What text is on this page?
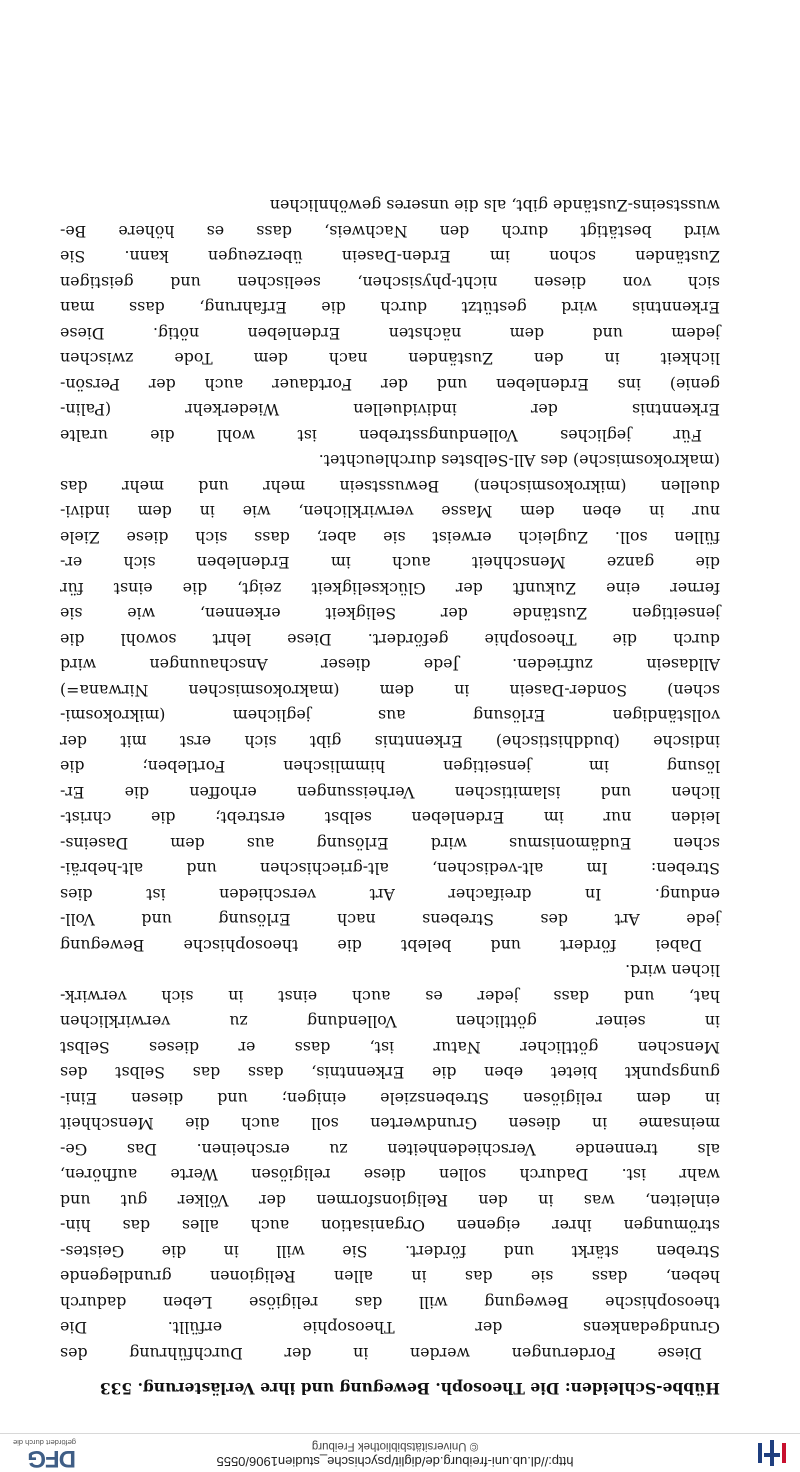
http://dl.ub.uni-freiburg.de/diglit/psychische_studien1906/0555
© Universitätsbibliothek Freiburg
DFG
gefördert durch die
Hübbe-Schleiden: Die Theosoph. Bewegung und ihre Verläst​erung. 533
Diese Forderungen werden in der Durchführung des
Grundgedankens der Theosophie erfüllt. Die
theosophische Bewegung will das religiöse Leben dadurch
heben, dass sie das in allen Religionen grundlegende
Streben stärkt und fördert. Sie will in die Geistes-
strömungen ihrer eigenen Organisation auch alles das hin-
einleiten, was in den Religionsformen der Völker gut und
wahr ist. Dadurch sollen diese religiösen Werte aufhören,
als trennende Verschiedenheiten zu erscheinen. Das Ge-
meinsame in diesen Grundwerten soll auch die Menschheit
in dem religiösen Strebensziele einigen; und diesen Eini-
gungspunkt bietet eben die Erkenntnis, dass das Selbst des
Menschen göttlicher Natur ist, dass er dieses Selbst
in seiner göttlichen Vollendung zu verwirklichen
hat, und dass jeder es auch einst in sich verwirk-
lichen wird.
Dabei fördert und belebt die theosophische Bewegung
jede Art des Strebens nach Erlösung und Voll-
endung. In dreifacher Art verschieden ist dies
Streben: Im alt-vedischen, alt-griechischen und alt-hebräi-
schen Eudämonismus wird Erlösung aus dem Daseins-
leiden nur im Erdenleben selbst erstrebt; die christ-
lichen und islamitischen Verheissungen erhoffen die Er-
lösung im jenseitigen himmlischen Fortleben; die
indische (buddhistische) Erkenntnis gibt sich erst mit der
vollständigen Erlösung aus jeglichem (mikrokosmi-
schen) Sonder-Dasein in dem (makrokosmischen Nirwana=)
Alldasein zufrieden. Jede dieser Anschauungen wird
durch die Theosophie gefördert. Diese lehrt sowohl die
jenseitigen Zustände der Seligkeit erkennen, wie sie
ferner eine Zukunft der Glückseligkeit zeigt, die einst für
die ganze Menschheit auch im Erdenleben sich er-
füllen soll. Zugleich erweist sie aber, dass sich diese Ziele
nur in eben dem Masse verwirklichen, wie in dem indivi-
duellen (mikrokosmischen) Bewusstsein mehr und mehr das
(makrokosmische) des All-Selbstes durchleuchtet.
Für jegliches Vollendungsstreben ist wohl die uralte
Erkenntnis der individuellen Wiederkehr (Palin-
genie) ins Erdenleben und der Fortdauer auch der Persön-
lichkeit in den Zuständen nach dem Tode zwischen
jedem und dem nächsten Erdenleben nötig. Diese
Erkenntnis wird gestützt durch die Erfahrung, dass man
sich von diesen nicht-physischen, seelischen und geistigen
Zuständen schon im Erden-Dasein überzeugen kann. Sie
wird bestätigt durch den Nachweis, dass es höhere Be-
wusstseins-Zustände gibt, als die unseres gewöhnlichen
